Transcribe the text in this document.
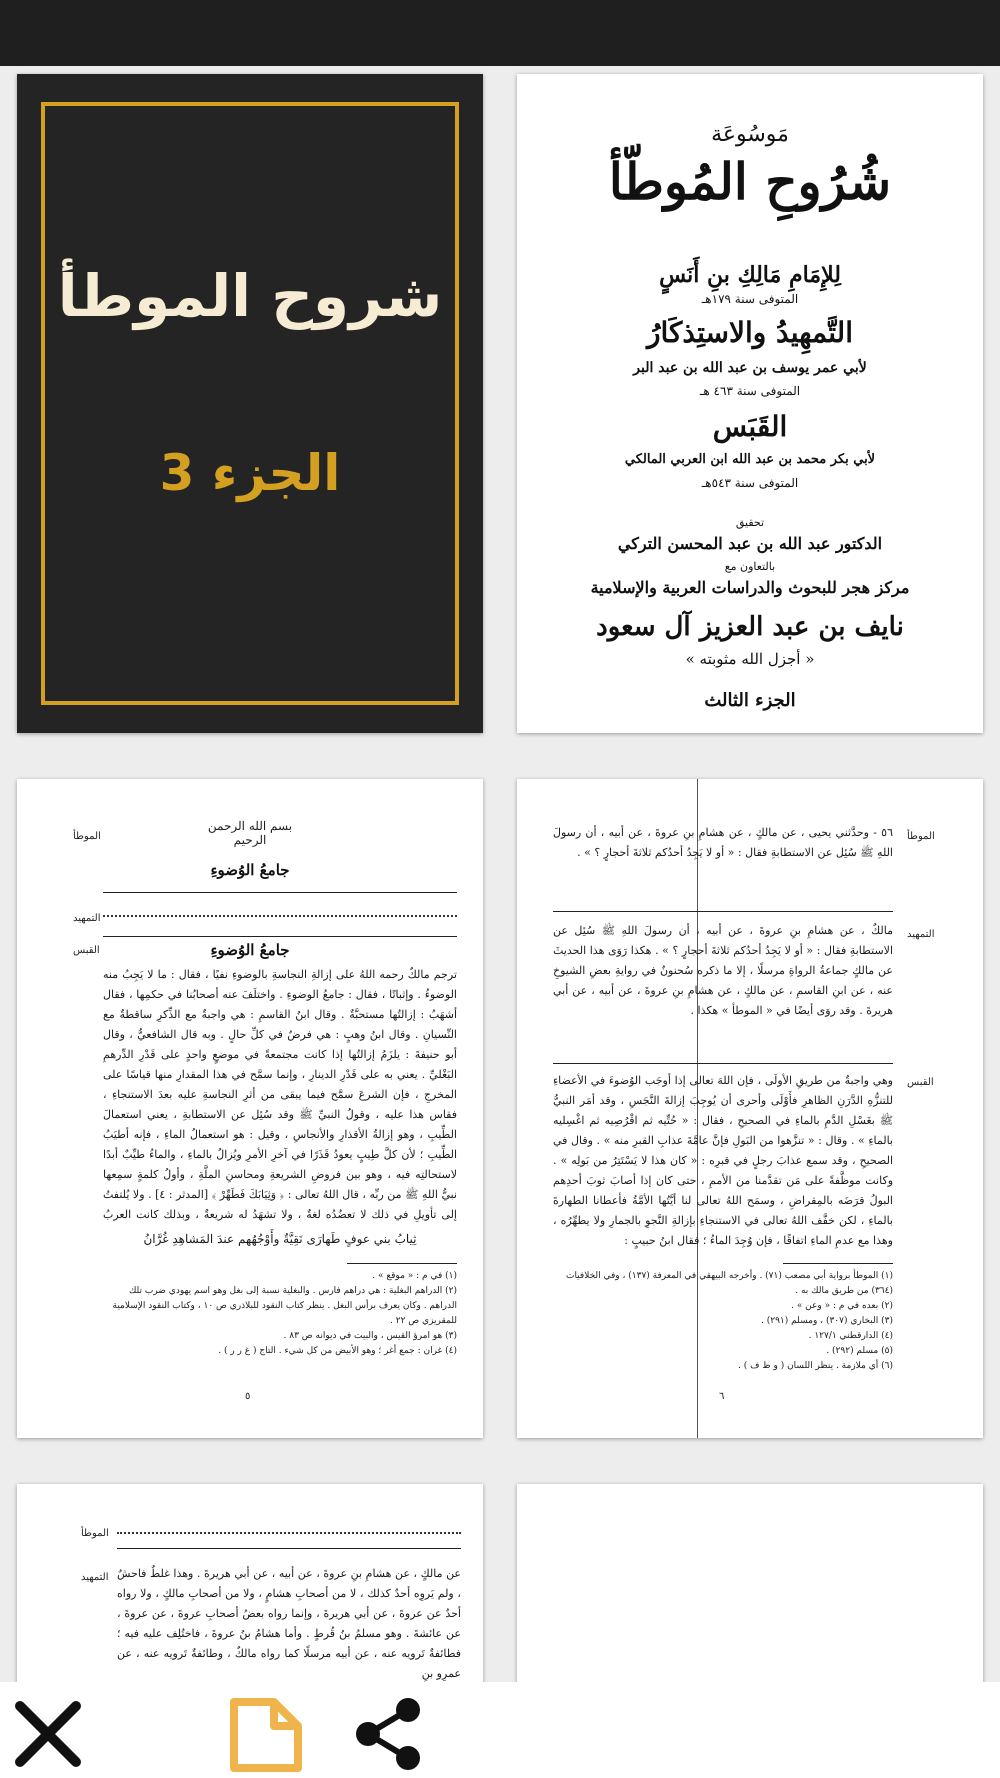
شروح الموطأ
الجزء 3
مَوسُوعَة
شُرُوحِ المُوطّأ
لِلإِمَامِ مَالِكِ بنِ أَنَسٍ
المتوفى سنة ١٧٩هـ
التَّمهِيدُ والاستِذكَارُ
لأبي عمر يوسف بن عبد الله بن عبد البر
المتوفى سنة ٤٦٣ هـ
القَبَس
لأبي بكر محمد بن عبد الله ابن العربي المالكي
المتوفى سنة ٥٤٣هـ
تحقيق
الدكتور عبد الله بن عبد المحسن التركي
بالتعاون مع
مركز هجر للبحوث والدراسات العربية والإسلامية
نايف بن عبد العزيز آل سعود
« أجزل الله مثوبته »
الجزء الثالث
الموطأ
بسم الله الرحمن الرحيم
جامعُ الوُضوءِ
التمهيد
القبس	جامعُ الوُضوءِ
ترجم مالكٌ رحمه اللهُ على إزالةِ النجاسةِ بالوضوءِ نفيًا ، فقال : ما لا يَجِبُ منه الوضوءُ . وإثباتًا ، فقال : جامعُ الوضوءِ . واختلَفَ عنه أصحابُنا في حكمِها ، فقال أشهَبُ : إزالتُها مستحبَّةٌ . وقال ابنُ القاسمِ : هي واجبةٌ مع الذِّكرِ ساقطةٌ مع النِّسيانِ . وقال ابنُ وهبٍ : هي فرضٌ في كلِّ حالٍ . وبه قال الشافعيُّ ، وقال أبو حنيفةَ : يلزَمُ إزالتُها إذا كانت مجتمعةً في موضعٍ واحدٍ على قَدْرِ الدِّرهمِ البَغْليِّ . يعني به على قَدْرِ الدينارِ ، وإنما سمَّح في هذا المقدارِ منها قياسًا على المخرجِ ، فإن الشرعَ سمَّح فيما يبقى من أثرِ النجاسةِ عليه بعدَ الاستنجاءِ ، فقاس هذا عليه ، وقولُ النبيِّ ﷺ وقد سُئِل عن الاستطابةِ ، يعني استعمالَ الطِّيبِ ، وهو إزالةُ الأقذارِ والأنجاسِ ، وقيل : هو استعمالُ الماءِ ، فإنه أطيَبُ الطِّيبِ ؛ لأن كلَّ طِيبٍ يعودُ قَذَرًا في آخرِ الأمرِ ويُزالُ بالماءِ ، والماءُ طيِّبٌ أبدًا لاستحالتِه فيه ، وهو بين فروضِ الشريعةِ ومحاسنِ الملَّةِ ، وأولُ كلمةٍ سمِعها نبيُّ اللهِ ﷺ من ربِّه ، قال اللهُ تعالى : ﴿ وَثِيَابَكَ فَطَهِّرْ ﴾ [المدثر : ٤] . ولا يُلتفتُ إلى تأويلِ في ذلك لا تعضُدُه لغةٌ ، ولا تشهَدُ له شريعةٌ ، وبذلك كانت العربُ
ثِيابُ بني عوفٍ طَهارَى نَقِيَّةٌ وأَوْجُهُهم عندَ المَشاهِدِ غُرَّانُ
(١) في م : « موقع » .
(٢) الدراهم البغلية : هي دراهم فارس . والبغلية نسبة إلى بغل وهو اسم يهودي ضرب تلك الدراهم . وكان يعرف برأس البغل . ينظر كتاب النقود للبلاذري ص ١٠ ، وكتاب النقود الإسلامية للمقريزي ص ٢٢ .
(٣) هو امرؤ القيس ، والبيت في ديوانه ص ٨٣ .
(٤) غران : جمع أغر ؛ وهو الأبيض من كل شيء . التاج ( غ ر ر ) .
٥
الموطأ
٥٦ - وحدَّثني يحيى ، عن مالكٍ ، عن هشامِ بنِ عروةَ ، عن أبيه ، أن رسولَ اللهِ ﷺ سُئِل عن الاستطابةِ فقال : « أو لا يَجِدُ أحدُكم ثلاثةَ أحجارٍ ؟ » .
التمهيد
مالكٌ ، عن هشامِ بنِ عروةَ ، عن أبيه ، أن رسولَ اللهِ ﷺ سُئِل عن الاستطابةِ فقال : « أو لا يَجِدُ أحدُكم ثلاثةَ أحجارٍ ؟ » . هكذا رَوَى هذا الحديثَ عن مالكٍ جماعةُ الرواةِ مرسلًا ، إلا ما ذكره سُحنونٌ في روايةِ بعضِ الشيوخِ عنه ، عن ابنِ القاسمِ ، عن مالكٍ ، عن هشامِ بنِ عروةَ ، عن أبيه ، عن أبي هريرةَ . وقد روَى أيضًا في « الموطأ » هكذا .
القبس
وهي واجبةٌ من طريقِ الأولَى ، فإن اللهَ تعالى إذا أوجَب الوُضوءَ في الأعضاءِ للتنزُّهِ الدَّرَنِ الظاهرِ فأَوْلَى وأحرى أن يُوجِبَ إزالةَ النَّجَسِ ، وقد أمَر النبيُّ ﷺ بغَسْلِ الدَّمِ بالماءِ في الصحيحِ ، فقال : « حُتِّيه ثم اقْرُصِيه ثم اغْسِليه بالماءِ » . وقال : « تنزَّهوا من البَولِ فإنَّ عامَّةَ عذابِ القبرِ منه » . وقال في الصحيحِ ، وقد سمع عذابَ رجلٍ في قبرِه : « كان هذا لا يَسْتَتِرُ من بَولِه » . وكانت موظَّفةً على مَن تقدَّمنا من الأممِ ، حتى كان إذا أصابَ ثوبَ أحدِهم البولُ قرَضَه بالمِقراضِ ، وسمَح اللهُ تعالى لنا أيَّتُها الأمَّةُ فأعطانا الطهارةَ بالماءِ ، لكن خفَّف اللهُ تعالى في الاستنجاءِ بإزالةِ النَّجوِ بالجمارِ ولا يطهِّرُه ، وهذا مع عدمِ الماءِ اتفاقًا ، فإن وُجِدَ الماءُ ؛ فقال ابنُ حبيبٍ :
(١) الموطأ برواية أبي مصعب (٧١) . وأخرجه البيهقي في المعرفة (١٣٧) ، وفي الخلافيات (٣٦٤) من طريق مالك به .
(٢) بعده في م : « وعن » .
(٣) البخاري (٣٠٧) ، ومسلم (٢٩١) .
(٤) الدارقطني ١٢٧/١ .
(٥) مسلم (٢٩٢) .
(٦) أي ملازمة . ينظر اللسان ( و ظ ف ) .
٦
الموطأ
التمهيد عن مالكٍ ، عن هشامِ بنِ عروةَ ، عن أبيه ، عن أبي هريرةَ . وهذا غلطٌ فاحشٌ ، ولم يَروِه أحدٌ كذلك ، لا من أصحابِ هشامٍ ، ولا من أصحابِ مالكٍ ، ولا رواه أحدٌ عن عروةَ ، عن أبي هريرةَ ، وإنما رواه بعضُ أصحابِ عروةَ ، عن عروةَ ، عن عائشةَ . وهو مسلمُ بنُ قُرطٍ . وأما هشامُ بنُ عروةَ ، فاختُلِف عليه فيه ؛ فطائفةٌ تَرويه عنه ، عن أبيه مرسلًا كما رواه مالكٌ ، وطائفةٌ تَرويه عنه ، عن عمرِو بنِ
